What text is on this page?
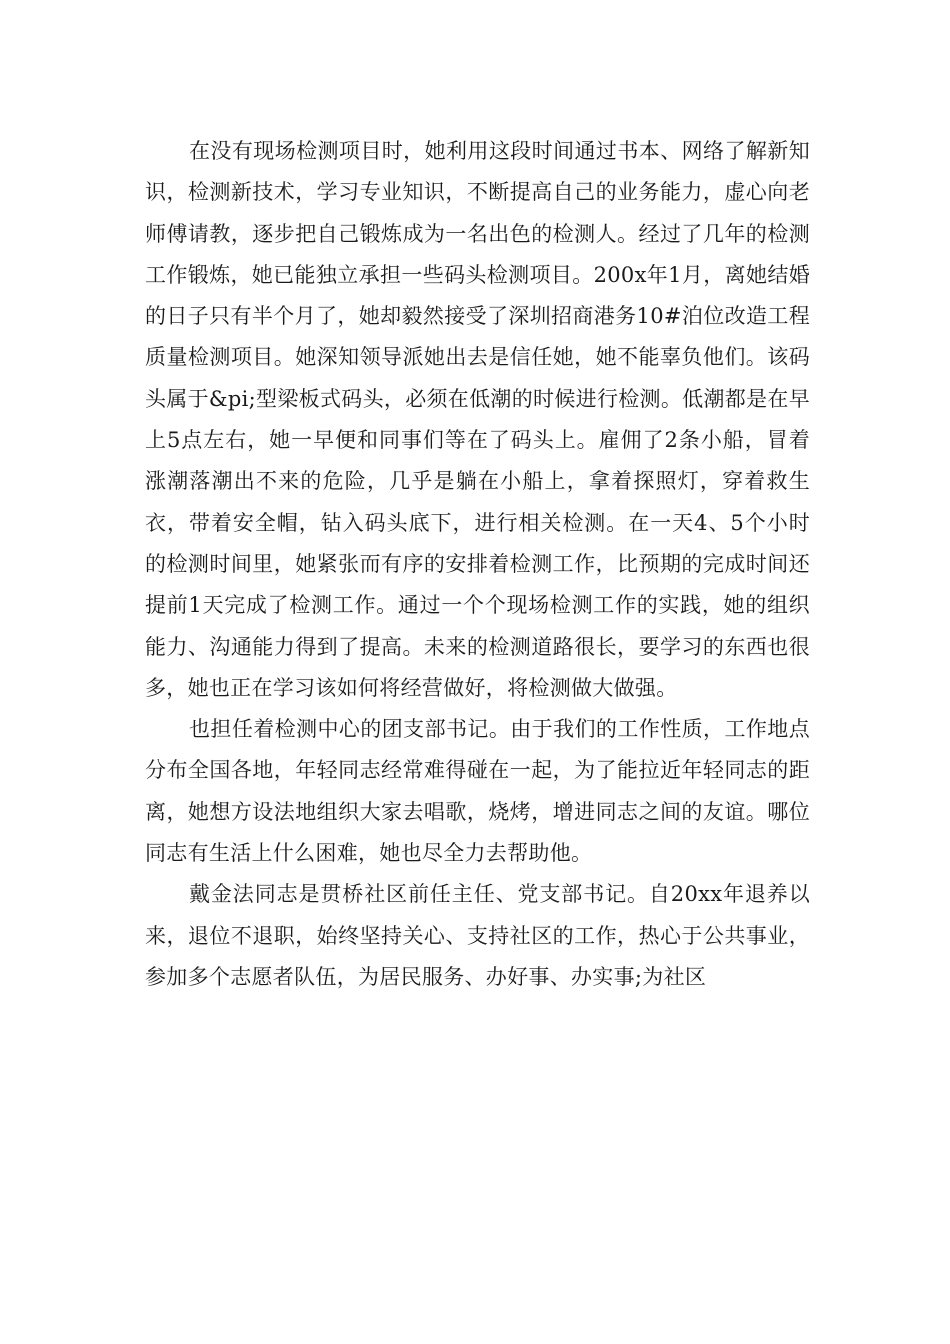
在没有现场检测项目时，她利用这段时间通过书本、网络了解新知识，检测新技术，学习专业知识，不断提高自己的业务能力，虚心向老师傅请教，逐步把自己锻炼成为一名出色的检测人。经过了几年的检测工作锻炼，她已能独立承担一些码头检测项目。200x年1月，离她结婚的日子只有半个月了，她却毅然接受了深圳招商港务10#泊位改造工程质量检测项目。她深知领导派她出去是信任她，她不能辜负他们。该码头属于&pi;型梁板式码头，必须在低潮的时候进行检测。低潮都是在早上5点左右，她一早便和同事们等在了码头上。雇佣了2条小船，冒着涨潮落潮出不来的危险，几乎是躺在小船上，拿着探照灯，穿着救生衣，带着安全帽，钻入码头底下，进行相关检测。在一天4、5个小时的检测时间里，她紧张而有序的安排着检测工作，比预期的完成时间还提前1天完成了检测工作。通过一个个现场检测工作的实践，她的组织能力、沟通能力得到了提高。未来的检测道路很长，要学习的东西也很多，她也正在学习该如何将经营做好，将检测做大做强。

也担任着检测中心的团支部书记。由于我们的工作性质，工作地点分布全国各地，年轻同志经常难得碰在一起，为了能拉近年轻同志的距离，她想方设法地组织大家去唱歌，烧烤，增进同志之间的友谊。哪位同志有生活上什么困难，她也尽全力去帮助他。

戴金法同志是贯桥社区前任主任、党支部书记。自20xx年退养以来，退位不退职，始终坚持关心、支持社区的工作，热心于公共事业，参加多个志愿者队伍，为居民服务、办好事、办实事;为社区
